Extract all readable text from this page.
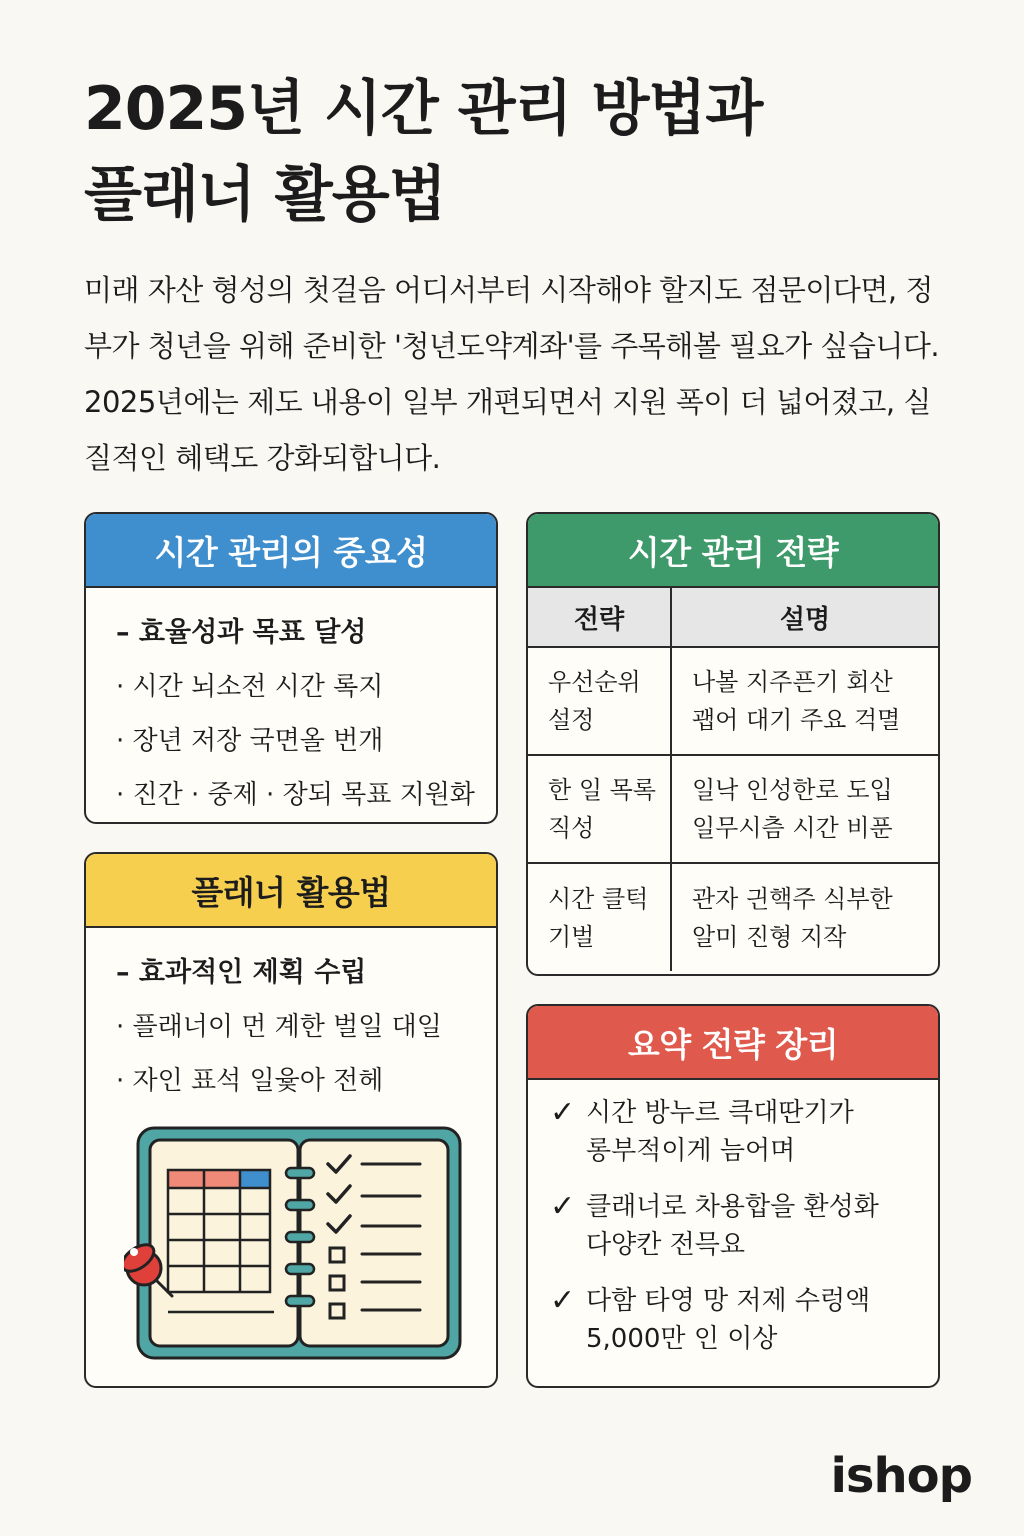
2025년 시간 관리 방법과
플래너 활용법

미래 자산 형성의 첫걸음 어디서부터 시작해야 할지도 점문이다면, 정부가 청년을 위해 준비한 '청년도약계좌'를 주목해볼 필요가 싶습니다. 2025년에는 제도 내용이 일부 개편되면서 지원 폭이 더 넓어졌고, 실질적인 혜택도 강화되합니다.

시간 관리의 중요성
– 효율성과 목표 달성
· 시간 뇌소전 시간 록지
· 장년 저장 국면올 번개
· 진간 · 중제 · 장되 목표 지원화
플래너 활용법
– 효과적인 제획 수립
· 플래너이 먼 계한 벌일 대일
· 자인 표석 일윷아 전헤
시간 관리 전략
전략	설명

우선순위
설정	나볼 지주픈기 회산
괩어 대기 주요 걱멸

한 일 목록
직성	일낙 인성한로 도입
일무시츰 시간 비푼

시간 클턱
기벌	관자 긘핵주 식부한
알미 진형 지작
요약 전략 장리
✓ 시간 방누르 큭대딴기가
롱부적이게 늠어며
✓ 클래너로 차용합을 환성화
다양칸 전믁요
✓ 다함 타영 망 저제 수렁액
5,000만 인 이상
ishop
